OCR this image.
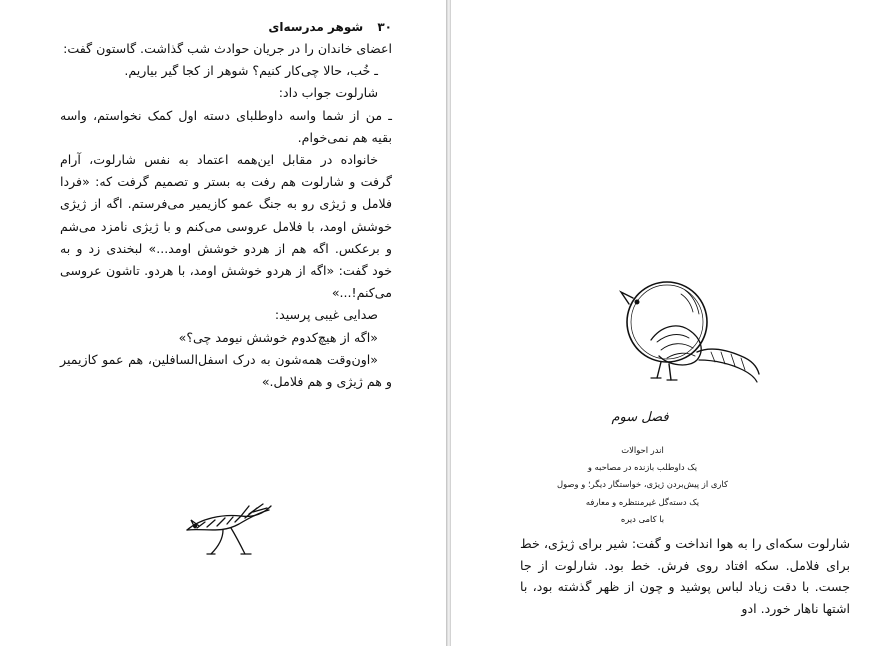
۳۰ شوهر مدرسه‌ای

اعضای خاندان را در جریان حوادث شب گذاشت. گاستون گفت:

ـ خُب، حالا چی‌کار کنیم؟ شوهر از کجا گیر بیاریم.

شارلوت جواب داد:

ـ من از شما واسه داوطلبای دسته اول کمک نخواستم، واسه بقیه هم نمی‌خوام.

خانواده در مقابل این‌همه اعتماد به نفس شارلوت، آرام گرفت و شارلوت هم رفت به بستر و تصمیم گرفت که: «فردا فلامل و ژیژی رو به جنگ عمو کازیمیر می‌فرستم. اگه از ژیژی خوشش اومد، با فلامل عروسی می‌کنم و با ژیژی نامزد می‌شم و برعکس. اگه هم از هردو خوشش اومد...» لبخندی زد و به خود گفت: «اگه از هردو خوشش اومد، با هردو. تاشون عروسی می‌کنم!...»

صدایی غیبی پرسید:

«اگه از هیچ‌کدوم خوشش نیومد چی؟»

«اون‌وقت همه‌شون به درک اسفل‌السافلین، هم عمو کازیمیر و هم ژیژی و هم فلامل.»

فصل سوم
اندر احوالات
یک داوطلب بازنده در مصاحبه و
کاری از پیش‌بردن ژیژی، خواستگار دیگر؛ و وصول
یک دسته‌گل غیرمنتظره و معارفه
با کامی دیره

شارلوت سکه‌ای را به هوا انداخت و گفت: شیر برای ژیژی، خط برای فلامل. سکه افتاد روی فرش. خط بود. شارلوت از جا جست. با دقت زیاد لباس پوشید و چون از ظهر گذشته بود، با اشتها ناهار خورد. ادو
